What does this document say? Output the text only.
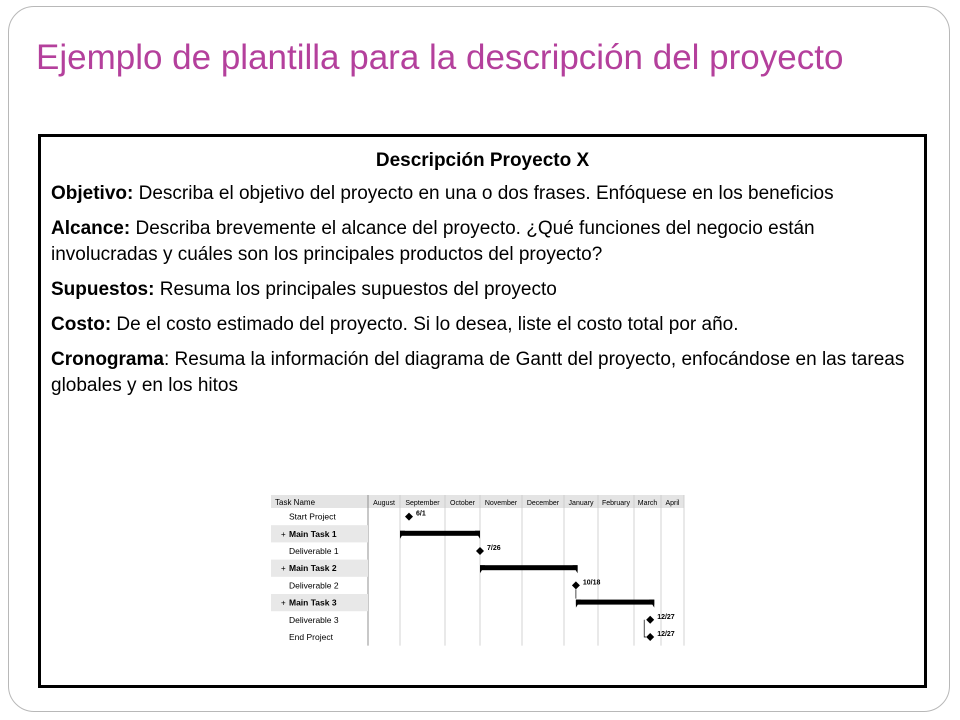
Ejemplo de plantilla para la descripción del proyecto
Descripción Proyecto X

Objetivo: Describa el objetivo del proyecto en una o dos frases. Enfóquese en los beneficios

Alcance: Describa brevemente el alcance del proyecto. ¿Qué funciones del negocio están involucradas y cuáles son los principales productos del proyecto?

Supuestos: Resuma los principales supuestos del proyecto

Costo: De el costo estimado del proyecto. Si lo desea, liste el costo total por año.

Cronograma: Resuma la información del diagrama de Gantt del proyecto, enfocándose en las tareas globales y en los hitos

Task Name	August September October November December January February March April
Start Project	6/1
+ Main Task 1
Deliverable 1	7/26
+ Main Task 2
Deliverable 2	10/18
+ Main Task 3
Deliverable 3	12/27
End Project	12/27
